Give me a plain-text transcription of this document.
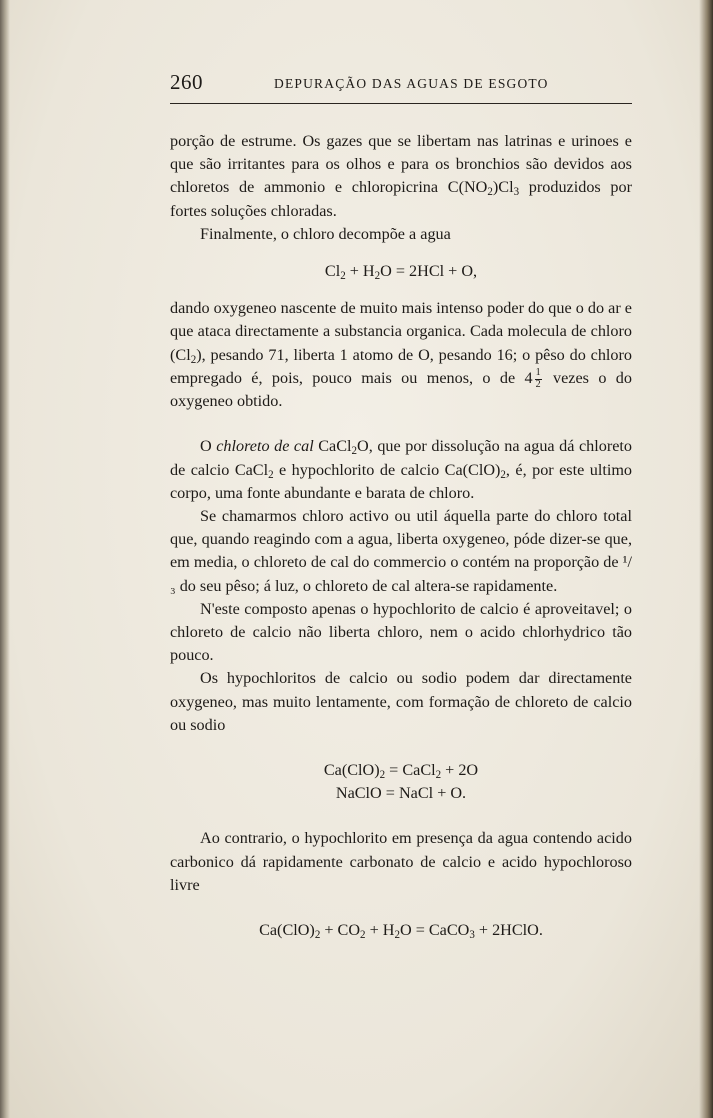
260	DEPURAÇÃO DAS AGUAS DE ESGOTO

porção de estrume. Os gazes que se libertam nas latrinas e urinoes e que são irritantes para os olhos e para os bronchios são devidos aos chloretos de ammonio e chloropicrina $C(NO_2)Cl_3$ produzidos por fortes soluções chloradas.

Finalmente, o chloro decompõe a agua

$Cl_2 + H_2O = 2HCl + O$,

dando oxygeneo nascente de muito mais intenso poder do que o do ar e que ataca directamente a substancia organica. Cada molecula de chloro $(Cl_2)$, pesando 71, liberta 1 atomo de O, pesando 16; o pêso do chloro empregado é, pois, pouco mais ou menos, o de $4 \frac{1}{2}$ vezes o do oxygeneo obtido.

O chloreto de cal CaCl$_2$O, que por dissolução na agua dá chloreto de calcio CaCl$_2$ e hypochlorito de calcio $Ca(ClO)_2$, é, por este ultimo corpo, uma fonte abundante e barata de chloro.

Se chamarmos chloro activo ou util áquella parte do chloro total que, quando reagindo com a agua, liberta oxygeneo, póde dizer-se que, em media, o chloreto de cal do commercio o contém na proporção de ¹/₃ do seu pêso; á luz, o chloreto de cal altera-se rapidamente.

N'este composto apenas o hypochlorito de calcio é aproveitavel; o chloreto de calcio não liberta chloro, nem o acido chlorhydrico tão pouco.

Os hypochloritos de calcio ou sodio podem dar directamente oxygeneo, mas muito lentamente, com formação de chloreto de calcio ou sodio

$Ca(ClO)_2$ = CaCl$_2$ + 2O

NaClO = NaCl + O.

Ao contrario, o hypochlorito em presença da agua contendo acido carbonico dá rapidamente carbonato de calcio e acido hypochloroso livre

$Ca(ClO)_2 + CO_2 + H_2O$ = CaCO$_3$ + 2HClO.
